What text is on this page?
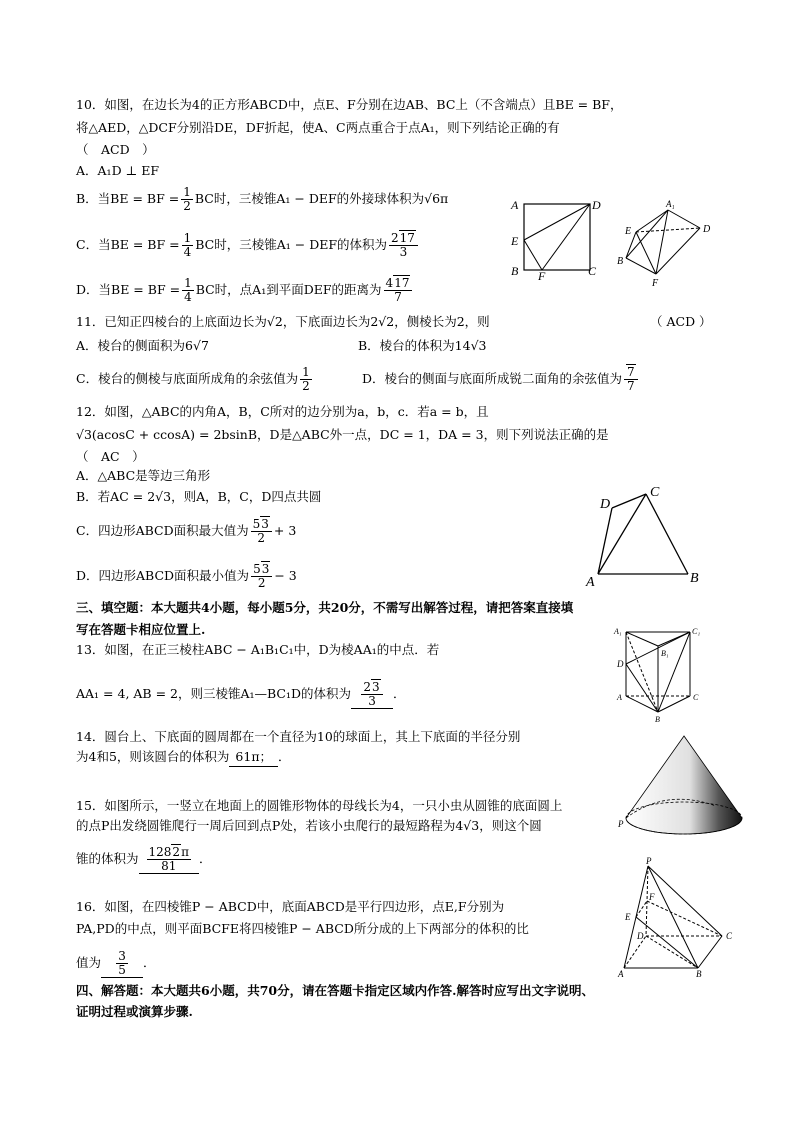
10．如图，在边长为4的正方形ABCD中，点E、F分别在边AB、BC上（不含端点）且BE = BF，
将△AED，△DCF分别沿DE，DF折起，使A、C两点重合于点A₁，则下列结论正确的有
（　ACD　）
A．A₁D ⊥ EF
B．当BE = BF = $\frac{1}{2}$ BC时，三棱锥A₁ − DEF的外接球体积为√6π
C．当BE = BF = $\frac{1}{4}$ BC时，三棱锥A₁ − DEF的体积为 $\frac{217}{3}$
D．当BE = BF = $\frac{1}{4}$ BC时，点A₁到平面DEF的距离为 $\frac{417}{7}$
A	D
E
B F	C
A₁
E	D
B
F
11．已知正四棱台的上底面边长为√2，下底面边长为2√2，侧棱长为2，则	（ ACD ）
A．棱台的侧面积为6√7	B．棱台的体积为14√3
C．棱台的侧棱与底面所成角的余弦值为 $\frac{1}{2}$	D．棱台的侧面与底面所成锐二面角的余弦值为 $\frac{7}{7}$
12．如图，△ABC的内角A，B，C所对的边分别为a，b，c．若a = b，且
√3(acosC + ccosA) = 2bsinB，D是△ABC外一点，DC = 1，DA = 3，则下列说法正确的是
（　AC　）
A．△ABC是等边三角形
B．若AC = 2√3，则A，B，C，D四点共圆
C．四边形ABCD面积最大值为 $\frac{53}{2} + 3$
D．四边形ABCD面积最小值为 $\frac{53}{2} - 3$
D
C
A	B
三、填空题：本大题共4小题，每小题5分，共20分，不需写出解答过程，请把答案直接填
写在答题卡相应位置上.
13．如图，在正三棱柱ABC − A₁B₁C₁中，D为棱AA₁的中点．若
AA₁ = 4, AB = 2，则三棱锥A₁—BC₁D的体积为 $\frac{23}{3}$ ．
A₁	C₁
B₁
D
A	C
B
14．圆台上、下底面的圆周都在一个直径为10的球面上，其上下底面的半径分别
为4和5，则该圆台的体积为 61π； ．
P
15．如图所示，一竖立在地面上的圆锥形物体的母线长为4，一只小虫从圆锥的底面圆上
的点P出发绕圆锥爬行一周后回到点P处，若该小虫爬行的最短路程为4√3，则这个圆
锥的体积为 $\frac{1282\pi}{81}$ ．
16．如图，在四棱锥P − ABCD中，底面ABCD是平行四边形，点E,F分别为
PA,PD的中点，则平面BCFE将四棱锥P − ABCD所分成的上下两部分的体积的比
值为 $\frac{3}{5}$ ．
P
F
E
D	C
A	B
四、解答题：本大题共6小题，共70分，请在答题卡指定区域内作答.解答时应写出文字说明、
证明过程或演算步骤.
